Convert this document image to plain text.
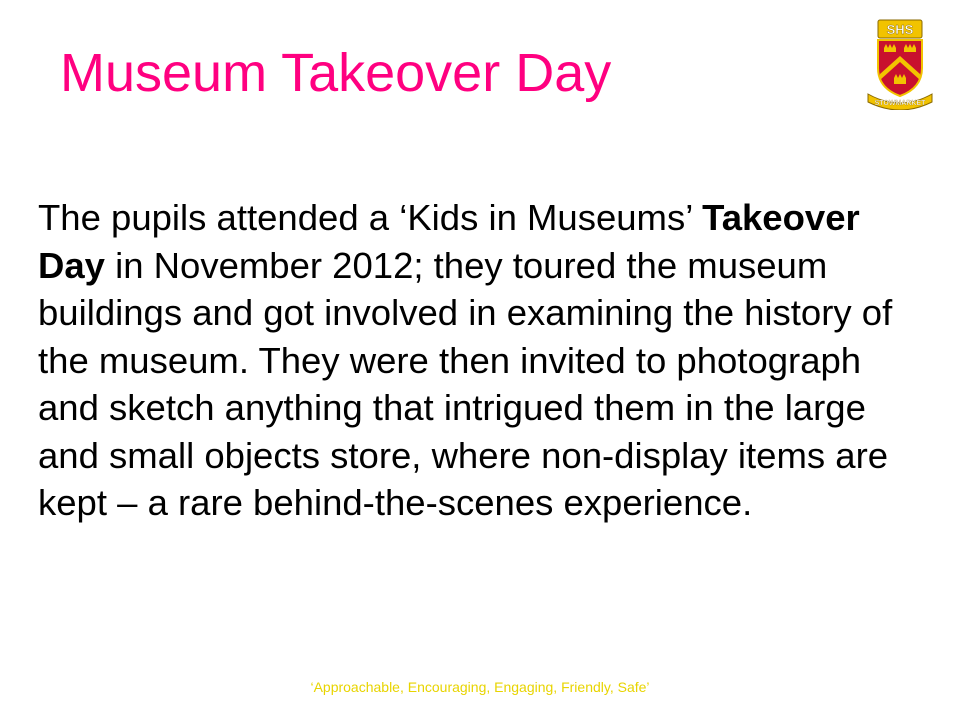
Museum Takeover Day
SHS
STOWMARKET

The pupils attended a ‘Kids in Museums’ Takeover Day in November 2012; they toured the museum buildings and got involved in examining the history of the museum. They were then invited to photograph and sketch anything that intrigued them in the large and small objects store, where non-display items are kept – a rare behind-the-scenes experience.

‘Approachable, Encouraging, Engaging, Friendly, Safe’
